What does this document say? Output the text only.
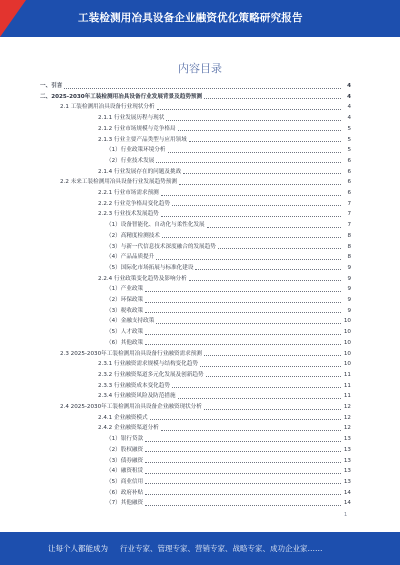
工装检测用冶具设备企业融资优化策略研究报告
内容目录
一、引言	4
二、2025-2030年工装检测用冶具设备行业发展背景及趋势预测	4
2.1 工装检测用冶具设备行业现状分析	4
2.1.1 行业发展历程与现状	4
2.1.2 行业市场规模与竞争格局	5
2.1.3 行业主要产品类型与应用领域	5
（1）行业政策环境分析	5
（2）行业技术发展	6
2.1.4 行业发展存在的问题及挑战	6
2.2 未来工装检测用冶具设备行业发展趋势预测	6
2.2.1 行业市场需求预测	6
2.2.2 行业竞争格局变化趋势	7
2.2.3 行业技术发展趋势	7
（1）设备智能化、自动化与柔性化发展	7
（2）高精度检测技术	8
（3）与新一代信息技术深度融合的发展趋势	8
（4）产品品质提升	8
（5）国际化市场拓展与标准化建设	9
2.2.4 行业政策变化趋势及影响分析	9
（1）产业政策	9
（2）环保政策	9
（3）税收政策	9
（4）金融支持政策	10
（5）人才政策	10
（6）其他政策	10
2.3 2025-2030年工装检测用冶具设备行业融资需求预测	10
2.3.1 行业融资需求规模与结构变化趋势	10
2.3.2 行业融资渠道多元化发展及创新趋势	11
2.3.3 行业融资成本变化趋势	11
2.3.4 行业融资风险及防范措施	11
2.4 2025-2030年工装检测用冶具设备企业融资现状分析	12
2.4.1 企业融资模式	12
2.4.2 企业融资渠道分析	12
（1）银行贷款	13
（2）股权融资	13
（3）债券融资	13
（4）融资租赁	13
（5）商业信用	13
（6）政府补贴	14
（7）其他融资	14
1
让每个人都能成为 行业专家、管理专家、营销专家、战略专家、成功企业家……
